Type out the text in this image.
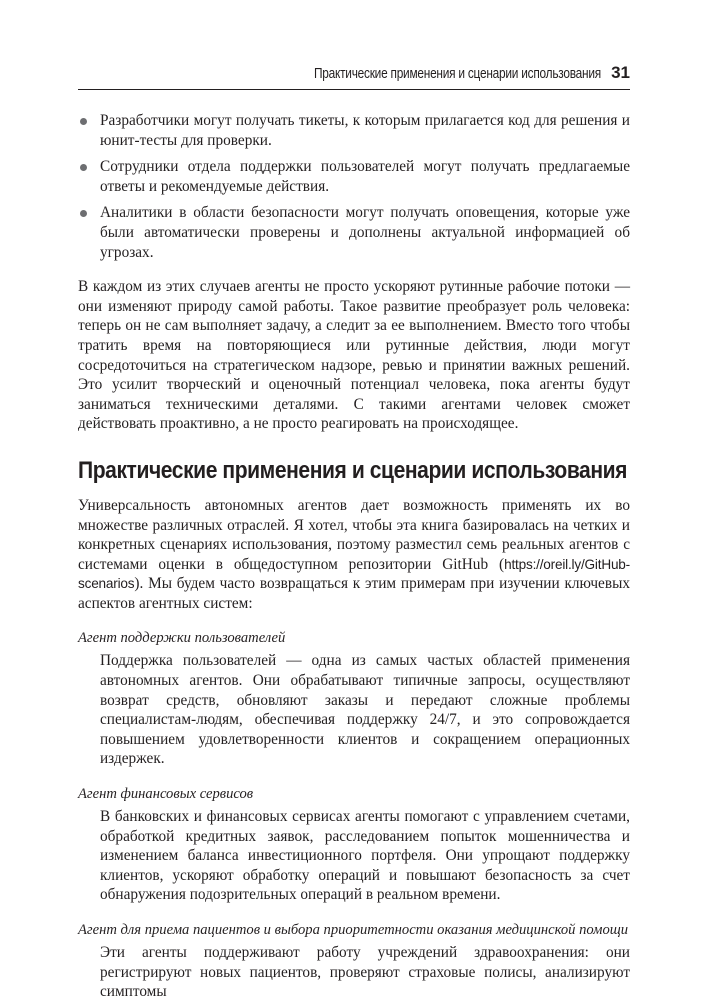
Практические применения и сценарии использования 31
Разработчики могут получать тикеты, к которым прилагается код для решения и юнит-тесты для проверки.
Сотрудники отдела поддержки пользователей могут получать предлагаемые ответы и рекомендуемые действия.
Аналитики в области безопасности могут получать оповещения, которые уже были автоматически проверены и дополнены актуальной информацией об угрозах.

В каждом из этих случаев агенты не просто ускоряют рутинные рабочие потоки — они изменяют природу самой работы. Такое развитие преобразует роль человека: теперь он не сам выполняет задачу, а следит за ее выполнением. Вместо того чтобы тратить время на повторяющиеся или рутинные действия, люди могут сосредоточиться на стратегическом надзоре, ревью и принятии важных решений. Это усилит творческий и оценочный потенциал человека, пока агенты будут заниматься техническими деталями. С такими агентами человек сможет действовать проактивно, а не просто реагировать на происходящее.

Практические применения и сценарии использования

Универсальность автономных агентов дает возможность применять их во множестве различных отраслей. Я хотел, чтобы эта книга базировалась на четких и конкретных сценариях использования, поэтому разместил семь реальных агентов с системами оценки в общедоступном репозитории GitHub (https://oreil.ly/GitHub-scenarios). Мы будем часто возвращаться к этим примерам при изучении ключевых аспектов агентных систем:

Агент поддержки пользователей

Поддержка пользователей — одна из самых частых областей применения автономных агентов. Они обрабатывают типичные запросы, осуществляют возврат средств, обновляют заказы и передают сложные проблемы специалистам-людям, обеспечивая поддержку 24/7, и это сопровождается повышением удовлетворенности клиентов и сокращением операционных издержек.

Агент финансовых сервисов

В банковских и финансовых сервисах агенты помогают с управлением счетами, обработкой кредитных заявок, расследованием попыток мошенничества и изменением баланса инвестиционного портфеля. Они упрощают поддержку клиентов, ускоряют обработку операций и повышают безопасность за счет обнаружения подозрительных операций в реальном времени.

Агент для приема пациентов и выбора приоритетности оказания медицинской помощи

Эти агенты поддерживают работу учреждений здравоохранения: они регистрируют новых пациентов, проверяют страховые полисы, анализируют симптомы
